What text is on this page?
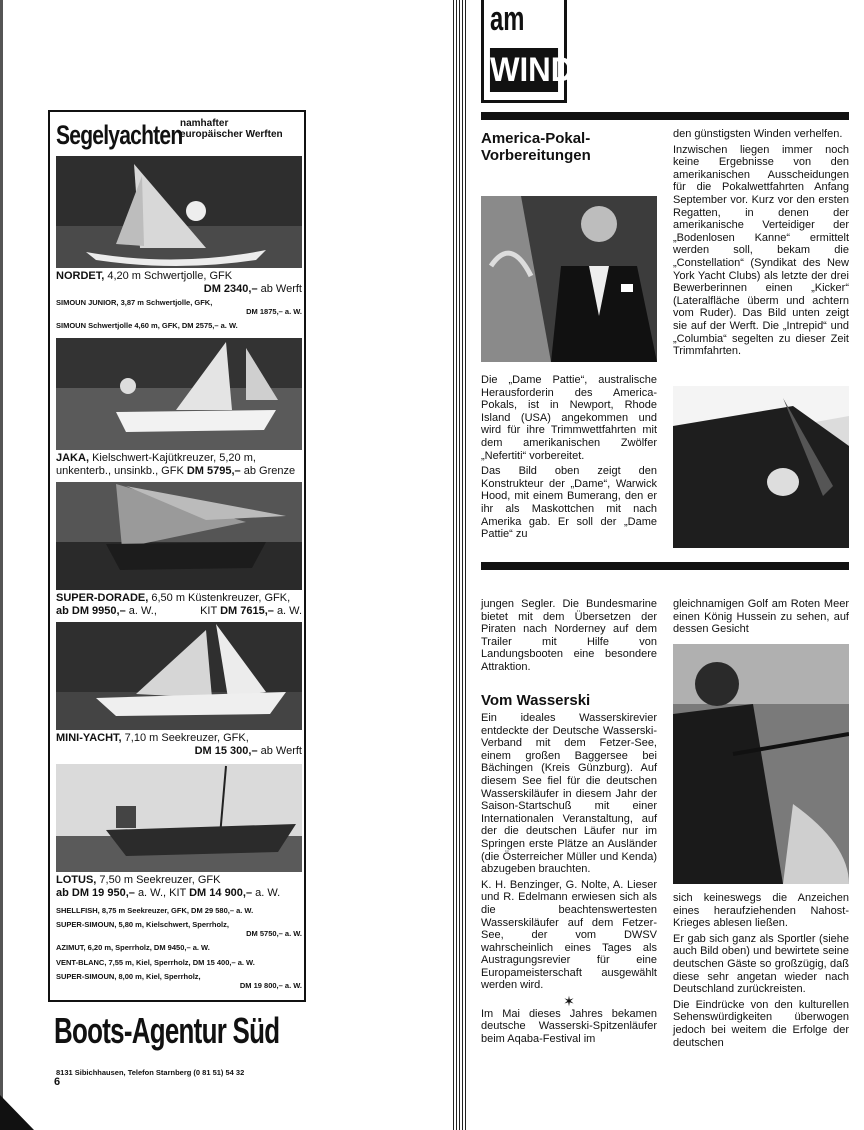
Segelyachten
namhafter
europäischer Werften
NORDET, 4,20 m Schwertjolle, GFK
DM 2340,– ab Werft
SIMOUN JUNIOR, 3,87 m Schwertjolle, GFK,
DM 1875,– a. W.
SIMOUN Schwertjolle 4,60 m, GFK, DM 2575,– a. W.
JAKA, Kielschwert-Kajütkreuzer, 5,20 m, unkenterb., unsinkb., GFK DM 5795,– ab Grenze
SUPER-DORADE, 6,50 m Küstenkreuzer, GFK,
ab DM 9950,– a. W.,	KIT DM 7615,– a. W.
MINI-YACHT, 7,10 m Seekreuzer, GFK,
DM 15 300,– ab Werft
LOTUS, 7,50 m Seekreuzer, GFK
ab DM 19 950,– a. W., KIT DM 14 900,– a. W.
SHELLFISH, 8,75 m Seekreuzer, GFK, DM 29 580,– a. W.
SUPER-SIMOUN, 5,80 m, Kielschwert, Sperrholz,
DM 5750,– a. W.
AZIMUT, 6,20 m, Sperrholz, DM 9450,– a. W.
VENT-BLANC, 7,55 m, Kiel, Sperrholz, DM 15 400,– a. W.
SUPER-SIMOUN, 8,00 m, Kiel, Sperrholz,
DM 19 800,– a. W.
Boots-Agentur Süd
8131 Sibichhausen, Telefon Starnberg (0 81 51) 54 32
6
am
WIND
America-Pokal-
Vorbereitungen

Die „Dame Pattie“, australische Herausforderin des America-Pokals, ist in Newport, Rhode Island (USA) angekommen und wird für ihre Trimmwettfahrten mit dem amerikanischen Zwölfer „Nefertiti“ vorbereitet.

Das Bild oben zeigt den Konstrukteur der „Dame“, Warwick Hood, mit einem Bumerang, den er ihr als Maskottchen mit nach Amerika gab. Er soll der „Dame Pattie“ zu

den günstigsten Winden verhelfen.

Inzwischen liegen immer noch keine Ergebnisse von den amerikanischen Ausscheidungen für die Pokalwettfahrten Anfang September vor. Kurz vor den ersten Regatten, in denen der amerikanische Verteidiger der „Bodenlosen Kanne“ ermittelt werden soll, bekam die „Constellation“ (Syndikat des New York Yacht Clubs) als letzte der drei Bewerberinnen einen „Kicker“ (Lateralfläche überm und achtern vom Ruder). Das Bild unten zeigt sie auf der Werft. Die „Intrepid“ und „Columbia“ segelten zu dieser Zeit Trimmfahrten.

jungen Segler. Die Bundesmarine bietet mit dem Übersetzen der Piraten nach Norderney auf dem Trailer mit Hilfe von Landungsbooten eine besondere Attraktion.
Vom Wasserski

Ein ideales Wasserskirevier entdeckte der Deutsche Wasserski-Verband mit dem Fetzer-See, einem großen Baggersee bei Bächingen (Kreis Günzburg). Auf diesem See fiel für die deutschen Wasserskiläufer in diesem Jahr der Saison-Startschuß mit einer Internationalen Veranstaltung, auf der die deutschen Läufer nur im Springen erste Plätze an Ausländer (die Österreicher Müller und Kenda) abzugeben brauchten.

K. H. Benzinger, G. Nolte, A. Lieser und R. Edelmann erwiesen sich als die beachtenswertesten Wasserskiläufer auf dem Fetzer-See, der vom DWSV wahrscheinlich eines Tages als Austragungsrevier für eine Europameisterschaft ausgewählt werden wird.

✶

Im Mai dieses Jahres bekamen deutsche Wasserski-Spitzenläufer beim Aqaba-Festival im

gleichnamigen Golf am Roten Meer einen König Hussein zu sehen, auf dessen Gesicht

sich keineswegs die Anzeichen eines heraufziehenden Nahost-Krieges ablesen ließen.

Er gab sich ganz als Sportler (siehe auch Bild oben) und bewirtete seine deutschen Gäste so großzügig, daß diese sehr angetan wieder nach Deutschland zurückreisten.

Die Eindrücke von den kulturellen Sehenswürdigkeiten überwogen jedoch bei weitem die Erfolge der deutschen
